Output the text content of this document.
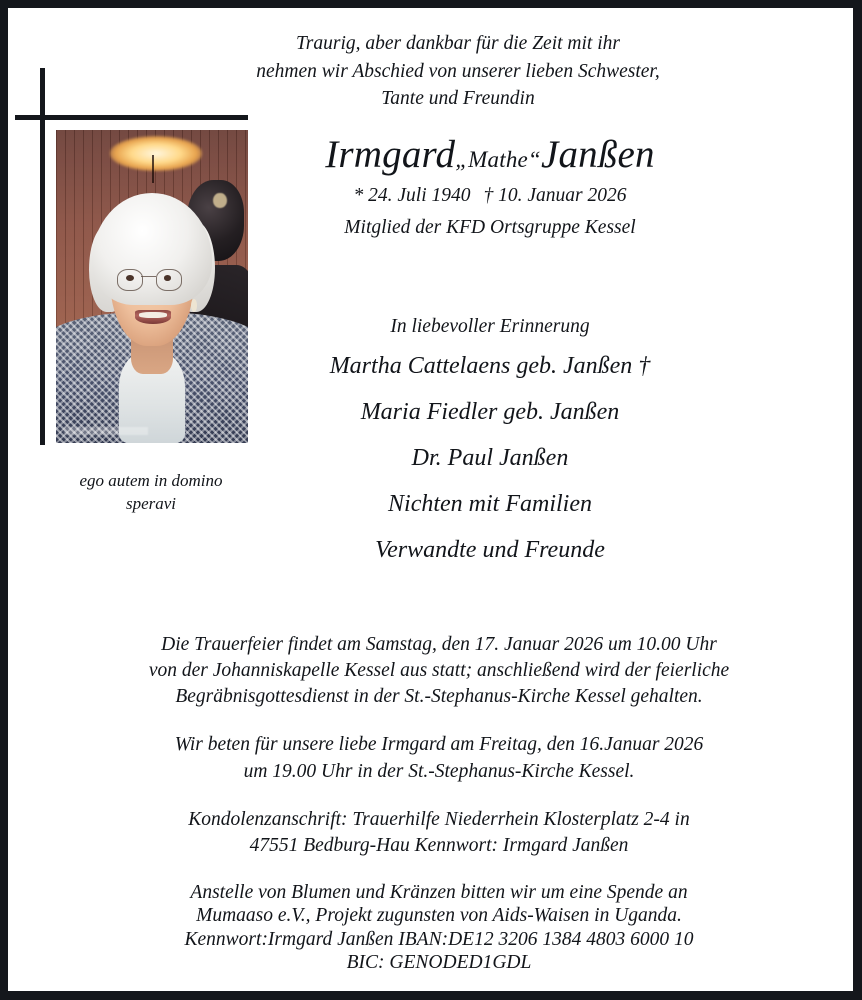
ego autem in domino
speravi
Traurig, aber dankbar für die Zeit mit ihr
nehmen wir Abschied von unserer lieben Schwester,
Tante und Freundin
Irmgard„Mathe“Janßen
* 24. Juli 1940 † 10. Januar 2026
Mitglied der KFD Ortsgruppe Kessel
In liebevoller Erinnerung
Martha Cattelaens geb. Janßen †
Maria Fiedler geb. Janßen
Dr. Paul Janßen
Nichten mit Familien
Verwandte und Freunde
Die Trauerfeier findet am Samstag, den 17. Januar 2026 um 10.00 Uhr
von der Johanniskapelle Kessel aus statt; anschließend wird der feierliche
Begräbnisgottesdienst in der St.-Stephanus-Kirche Kessel gehalten.
Wir beten für unsere liebe Irmgard am Freitag, den 16.Januar 2026
um 19.00 Uhr in der St.-Stephanus-Kirche Kessel.
Kondolenzanschrift: Trauerhilfe Niederrhein Klosterplatz 2-4 in
47551 Bedburg-Hau Kennwort: Irmgard Janßen
Anstelle von Blumen und Kränzen bitten wir um eine Spende an
Mumaaso e.V., Projekt zugunsten von Aids-Waisen in Uganda.
Kennwort:Irmgard Janßen IBAN:DE12 3206 1384 4803 6000 10
BIC: GENODED1GDL
